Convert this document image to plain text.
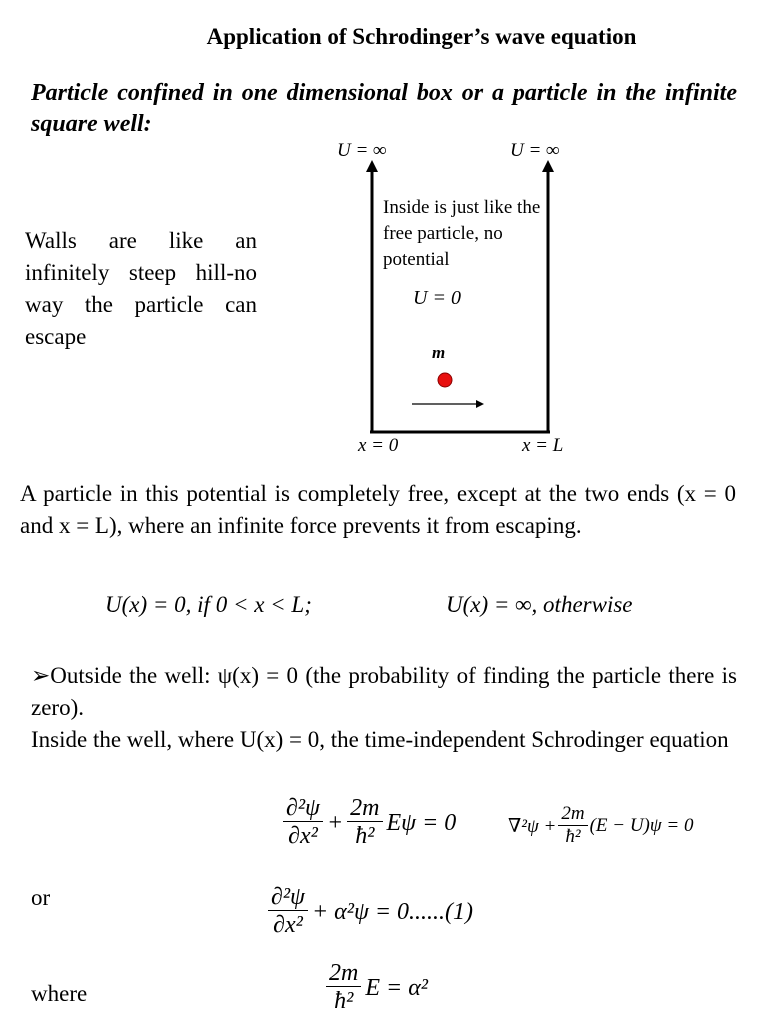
Application of Schrodinger’s wave equation
Particle confined in one dimensional box or a particle in the infinite square well:
Walls are like an infinitely steep hill-no way the particle can escape
U = ∞	U = ∞
Inside is just like the free particle, no potential
U = 0
m
x = 0	x = L
A particle in this potential is completely free, except at the two ends (x = 0 and x = L), where an infinite force prevents it from escaping.
U(x) = 0, if 0 < x < L;	U(x) = ∞, otherwise
➢Outside the well: ψ(x) = 0 (the probability of finding the particle there is zero).
Inside the well, where U(x) = 0, the time-independent Schrodinger equation
$\frac{\text{∂²ψ}}{\text{∂x²}} + \frac{2m}{\text{ħ²}}$ Eψ = 0	$\nabla^2\psi + \frac{2m}{\text{ħ²}} (E - U)\psi = 0$
or	$\frac{\text{∂²ψ}}{\text{∂x²}} + \alpha^2\psi = 0......(1)$
where	$\frac{2m}{\text{ħ²}}$ E = α²
